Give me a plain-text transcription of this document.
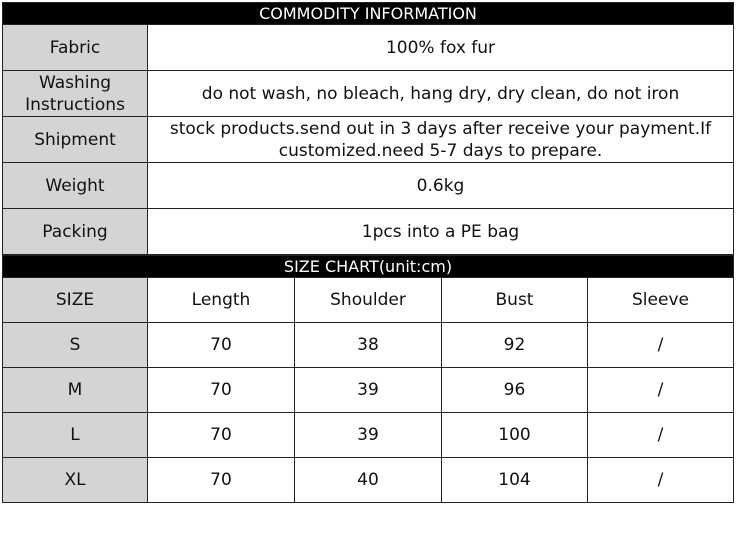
COMMODITY INFORMATION	
Fabric	100% fox fur
Washing Instructions	do not wash, no bleach, hang dry, dry clean, do not iron
Shipment	stock products.send out in 3 days after receive your payment.If customized.need 5-7 days to prepare.
Weight	0.6kg
Packing	1pcs into a PE bag
SIZE CHART(unit:cm)				
SIZE	Length	Shoulder	Bust	Sleeve
S	70	38	92	/
M	70	39	96	/
L	70	39	100	/
XL	70	40	104	/
